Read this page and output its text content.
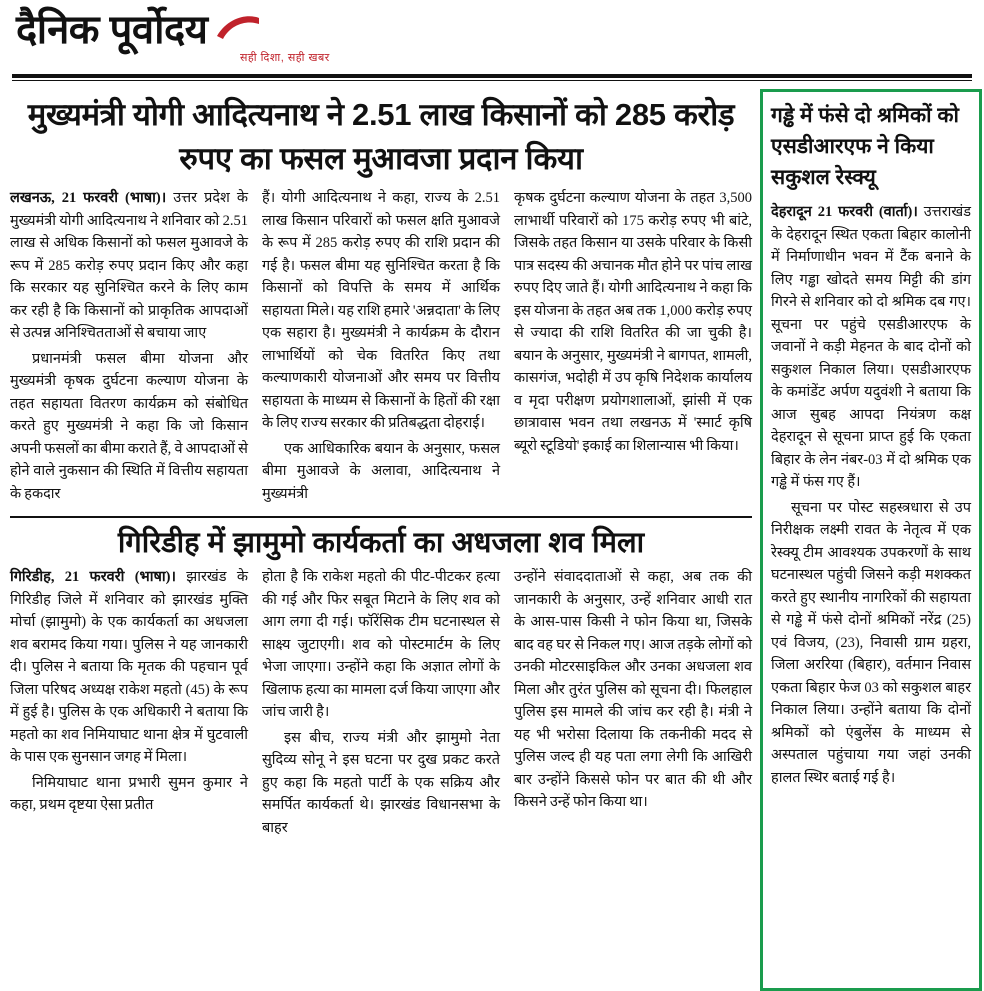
दैनिक पूर्वोदय
सही दिशा, सही खबर
मुख्यमंत्री योगी आदित्यनाथ ने 2.51 लाख किसानों को 285 करोड़ रुपए का फसल मुआवजा प्रदान किया

लखनऊ, 21 फरवरी (भाषा)। उत्तर प्रदेश के मुख्यमंत्री योगी आदित्यनाथ ने शनिवार को 2.51 लाख से अधिक किसानों को फसल मुआवजे के रूप में 285 करोड़ रुपए प्रदान किए और कहा कि सरकार यह सुनिश्चित करने के लिए काम कर रही है कि किसानों को प्राकृतिक आपदाओं से उत्पन्न अनिश्चितताओं से बचाया जाए

प्रधानमंत्री फसल बीमा योजना और मुख्यमंत्री कृषक दुर्घटना कल्याण योजना के तहत सहायता वितरण कार्यक्रम को संबोधित करते हुए मुख्यमंत्री ने कहा कि जो किसान अपनी फसलों का बीमा कराते हैं, वे आपदाओं से होने वाले नुकसान की स्थिति में वित्तीय सहायता के हकदार

हैं। योगी आदित्यनाथ ने कहा, राज्य के 2.51 लाख किसान परिवारों को फसल क्षति मुआवजे के रूप में 285 करोड़ रुपए की राशि प्रदान की गई है। फसल बीमा यह सुनिश्चित करता है कि किसानों को विपत्ति के समय में आर्थिक सहायता मिले। यह राशि हमारे 'अन्नदाता' के लिए एक सहारा है। मुख्यमंत्री ने कार्यक्रम के दौरान लाभार्थियों को चेक वितरित किए तथा कल्याणकारी योजनाओं और समय पर वित्तीय सहायता के माध्यम से किसानों के हितों की रक्षा के लिए राज्य सरकार की प्रतिबद्धता दोहराई।

एक आधिकारिक बयान के अनुसार, फसल बीमा मुआवजे के अलावा, आदित्यनाथ ने मुख्यमंत्री

कृषक दुर्घटना कल्याण योजना के तहत 3,500 लाभार्थी परिवारों को 175 करोड़ रुपए भी बांटे, जिसके तहत किसान या उसके परिवार के किसी पात्र सदस्य की अचानक मौत होने पर पांच लाख रुपए दिए जाते हैं। योगी आदित्यनाथ ने कहा कि इस योजना के तहत अब तक 1,000 करोड़ रुपए से ज्यादा की राशि वितरित की जा चुकी है। बयान के अनुसार, मुख्यमंत्री ने बागपत, शामली, कासगंज, भदोही में उप कृषि निदेशक कार्यालय व मृदा परीक्षण प्रयोगशालाओं, झांसी में एक छात्रावास भवन तथा लखनऊ में 'स्मार्ट कृषि ब्यूरो स्टूडियो' इकाई का शिलान्यास भी किया।

गिरिडीह में झामुमो कार्यकर्ता का अधजला शव मिला

गिरिडीह, 21 फरवरी (भाषा)। झारखंड के गिरिडीह जिले में शनिवार को झारखंड मुक्ति मोर्चा (झामुमो) के एक कार्यकर्ता का अधजला शव बरामद किया गया। पुलिस ने यह जानकारी दी। पुलिस ने बताया कि मृतक की पहचान पूर्व जिला परिषद अध्यक्ष राकेश महतो (45) के रूप में हुई है। पुलिस के एक अधिकारी ने बताया कि महतो का शव निमियाघाट थाना क्षेत्र में घुटवाली के पास एक सुनसान जगह में मिला।

निमियाघाट थाना प्रभारी सुमन कुमार ने कहा, प्रथम दृष्टया ऐसा प्रतीत

होता है कि राकेश महतो की पीट-पीटकर हत्या की गई और फिर सबूत मिटाने के लिए शव को आग लगा दी गई। फॉरेंसिक टीम घटनास्थल से साक्ष्य जुटाएगी। शव को पोस्टमार्टम के लिए भेजा जाएगा। उन्होंने कहा कि अज्ञात लोगों के खिलाफ हत्या का मामला दर्ज किया जाएगा और जांच जारी है।

इस बीच, राज्य मंत्री और झामुमो नेता सुदिव्य सोनू ने इस घटना पर दुख प्रकट करते हुए कहा कि महतो पार्टी के एक सक्रिय और समर्पित कार्यकर्ता थे। झारखंड विधानसभा के बाहर

उन्होंने संवाददाताओं से कहा, अब तक की जानकारी के अनुसार, उन्हें शनिवार आधी रात के आस-पास किसी ने फोन किया था, जिसके बाद वह घर से निकल गए। आज तड़के लोगों को उनकी मोटरसाइकिल और उनका अधजला शव मिला और तुरंत पुलिस को सूचना दी। फिलहाल पुलिस इस मामले की जांच कर रही है। मंत्री ने यह भी भरोसा दिलाया कि तकनीकी मदद से पुलिस जल्द ही यह पता लगा लेगी कि आखिरी बार उन्होंने किससे फोन पर बात की थी और किसने उन्हें फोन किया था।

गड्ढे में फंसे दो श्रमिकों को एसडीआरएफ ने किया सकुशल रेस्क्यू

देहरादून 21 फरवरी (वार्ता)। उत्तराखंड के देहरादून स्थित एकता बिहार कालोनी में निर्माणाधीन भवन में टैंक बनाने के लिए गड्ढा खोदते समय मिट्टी की डांग गिरने से शनिवार को दो श्रमिक दब गए। सूचना पर पहुंचे एसडीआरएफ के जवानों ने कड़ी मेहनत के बाद दोनों को सकुशल निकाल लिया। एसडीआरएफ के कमांडेंट अर्पण यदुवंशी ने बताया कि आज सुबह आपदा नियंत्रण कक्ष देहरादून से सूचना प्राप्त हुई कि एकता बिहार के लेन नंबर-03 में दो श्रमिक एक गड्ढे में फंस गए हैं।

सूचना पर पोस्ट सहस्त्रधारा से उप निरीक्षक लक्ष्मी रावत के नेतृत्व में एक रेस्क्यू टीम आवश्यक उपकरणों के साथ घटनास्थल पहुंची जिसने कड़ी मशक्कत करते हुए स्थानीय नागरिकों की सहायता से गड्ढे में फंसे दोनों श्रमिकों नरेंद्र (25) एवं विजय, (23), निवासी ग्राम ग्रहरा, जिला अररिया (बिहार), वर्तमान निवास एकता बिहार फेज 03 को सकुशल बाहर निकाल लिया। उन्होंने बताया कि दोनों श्रमिकों को एंबुलेंस के माध्यम से अस्पताल पहुंचाया गया जहां उनकी हालत स्थिर बताई गई है।
